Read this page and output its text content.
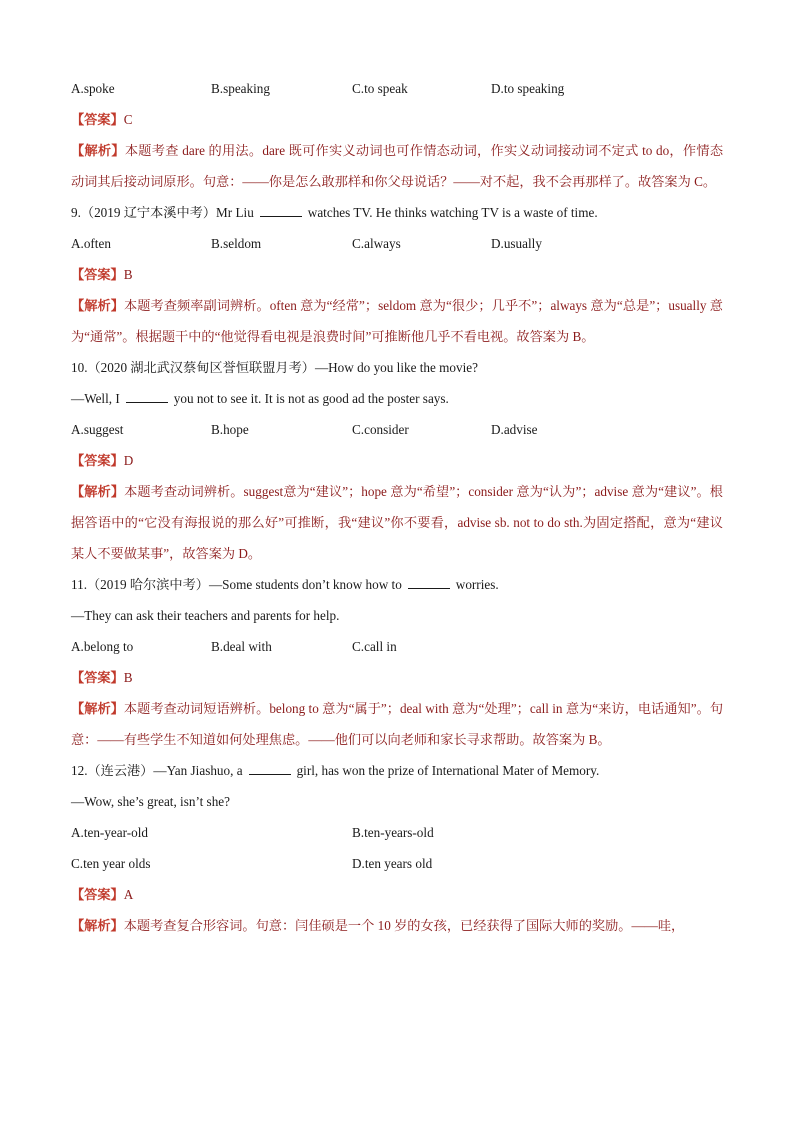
A.spoke	B.speaking	C.to speak	D.to speaking
【答案】C
【解析】本题考查 dare 的用法。dare 既可作实义动词也可作情态动词，作实义动词接动词不定式 to do，作情态动词其后接动词原形。句意：——你是怎么敢那样和你父母说话？——对不起，我不会再那样了。故答案为 C。
9.（2019 辽宁本溪中考）Mr Liu	watches TV. He thinks watching TV is a waste of time.
A.often	B.seldom	C.always	D.usually
【答案】B
【解析】本题考查频率副词辨析。often 意为“经常”；seldom 意为“很少；几乎不”；always 意为“总是”；usually 意为“通常”。根据题干中的“他觉得看电视是浪费时间”可推断他几乎不看电视。故答案为 B。
10.（2020 湖北武汉蔡甸区誉恒联盟月考）—How do you like the movie?
—Well, I	you not to see it. It is not as good ad the poster says.
A.suggest	B.hope	C.consider	D.advise
【答案】D
【解析】本题考查动词辨析。suggest意为“建议”；hope 意为“希望”；consider 意为“认为”；advise 意为“建议”。根据答语中的“它没有海报说的那么好”可推断，我“建议”你不要看，advise sb. not to do sth.为固定搭配，意为“建议某人不要做某事”，故答案为 D。
11.（2019 哈尔滨中考）—Some students don’t know how to	worries.
—They can ask their teachers and parents for help.
A.belong to	B.deal with	C.call in
【答案】B
【解析】本题考查动词短语辨析。belong to 意为“属于”；deal with 意为“处理”；call in 意为“来访，电话通知”。句意：——有些学生不知道如何处理焦虑。——他们可以向老师和家长寻求帮助。故答案为 B。
12.（连云港）—Yan Jiashuo, a	girl, has won the prize of International Mater of Memory.
—Wow, she’s great, isn’t she?
A.ten-year-old	B.ten-years-old
C.ten year olds	D.ten years old
【答案】A
【解析】本题考查复合形容词。句意：闫佳硕是一个 10 岁的女孩，已经获得了国际大师的奖励。——哇，
